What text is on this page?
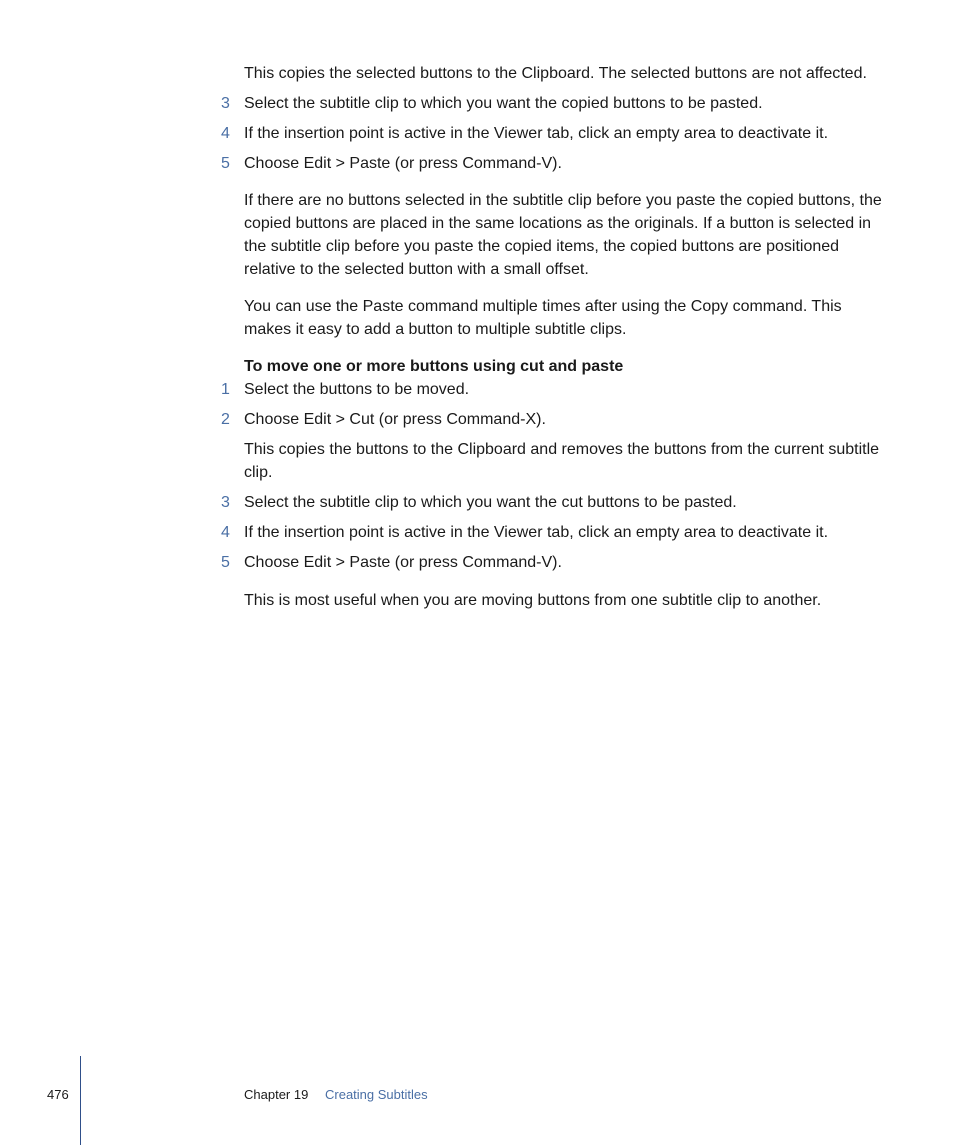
This copies the selected buttons to the Clipboard. The selected buttons are not affected.

3 Select the subtitle clip to which you want the copied buttons to be pasted.
4 If the insertion point is active in the Viewer tab, click an empty area to deactivate it.
5 Choose Edit > Paste (or press Command-V).

If there are no buttons selected in the subtitle clip before you paste the copied buttons, the copied buttons are placed in the same locations as the originals. If a button is selected in the subtitle clip before you paste the copied items, the copied buttons are positioned relative to the selected button with a small offset.

You can use the Paste command multiple times after using the Copy command. This makes it easy to add a button to multiple subtitle clips.

To move one or more buttons using cut and paste
1 Select the buttons to be moved.
2 Choose Edit > Cut (or press Command-X).

This copies the buttons to the Clipboard and removes the buttons from the current subtitle clip.

3 Select the subtitle clip to which you want the cut buttons to be pasted.
4 If the insertion point is active in the Viewer tab, click an empty area to deactivate it.
5 Choose Edit > Paste (or press Command-V).

This is most useful when you are moving buttons from one subtitle clip to another.

476	Chapter 19 Creating Subtitles
